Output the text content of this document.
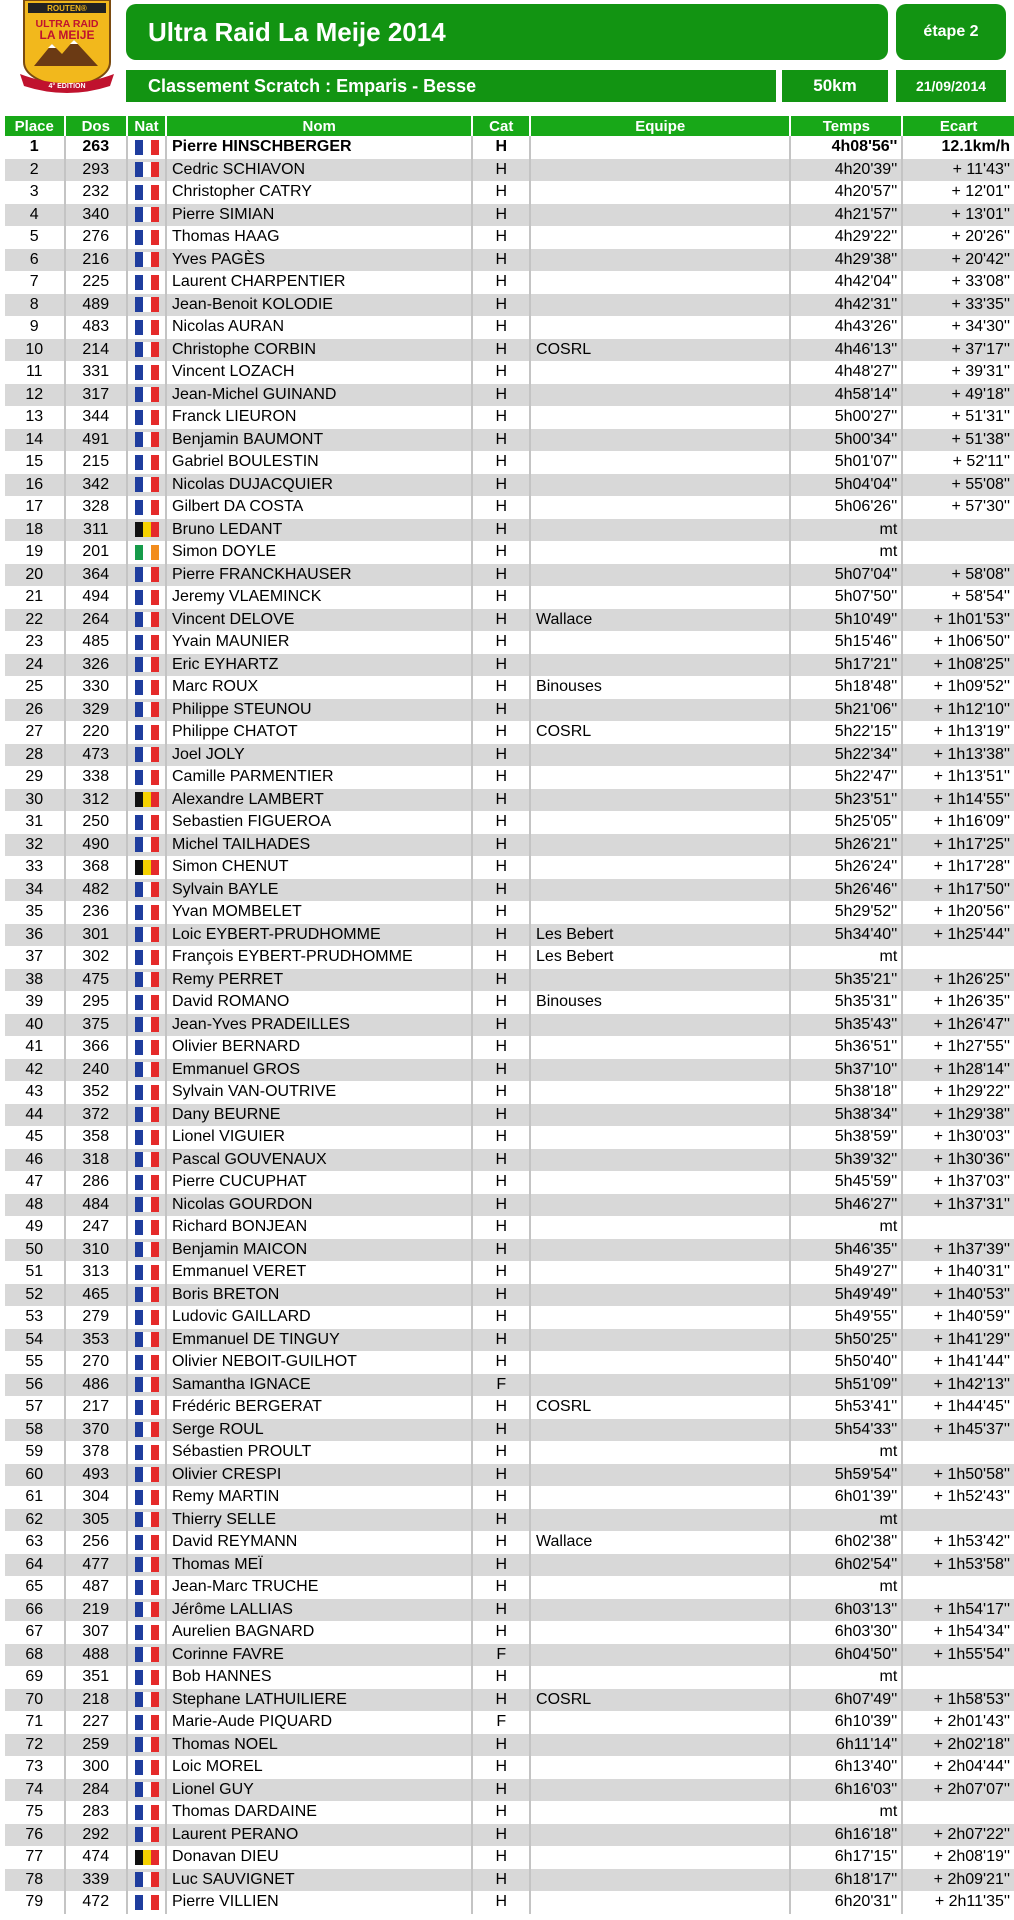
ROUTEN®
ULTRA RAID
LA MEIJE
4° EDITION
Ultra Raid La Meije 2014	étape 2
Classement Scratch : Emparis - Besse	50km	21/09/2014
Place	Dos	Nat	Nom	Cat	Equipe	Temps	Ecart
1	263		Pierre HINSCHBERGER	H		4h08'56''	12.1km/h
2	293		Cedric SCHIAVON	H		4h20'39''	+ 11'43''
3	232		Christopher CATRY	H		4h20'57''	+ 12'01''
4	340		Pierre SIMIAN	H		4h21'57''	+ 13'01''
5	276		Thomas HAAG	H		4h29'22''	+ 20'26''
6	216		Yves PAGÈS	H		4h29'38''	+ 20'42''
7	225		Laurent CHARPENTIER	H		4h42'04''	+ 33'08''
8	489		Jean-Benoit KOLODIE	H		4h42'31''	+ 33'35''
9	483		Nicolas AURAN	H		4h43'26''	+ 34'30''
10	214		Christophe CORBIN	H	COSRL	4h46'13''	+ 37'17''
11	331		Vincent LOZACH	H		4h48'27''	+ 39'31''
12	317		Jean-Michel GUINAND	H		4h58'14''	+ 49'18''
13	344		Franck LIEURON	H		5h00'27''	+ 51'31''
14	491		Benjamin BAUMONT	H		5h00'34''	+ 51'38''
15	215		Gabriel BOULESTIN	H		5h01'07''	+ 52'11''
16	342		Nicolas DUJACQUIER	H		5h04'04''	+ 55'08''
17	328		Gilbert DA COSTA	H		5h06'26''	+ 57'30''
18	311		Bruno LEDANT	H		mt	
19	201		Simon DOYLE	H		mt	
20	364		Pierre FRANCKHAUSER	H		5h07'04''	+ 58'08''
21	494		Jeremy VLAEMINCK	H		5h07'50''	+ 58'54''
22	264		Vincent DELOVE	H	Wallace	5h10'49''	+ 1h01'53''
23	485		Yvain MAUNIER	H		5h15'46''	+ 1h06'50''
24	326		Eric EYHARTZ	H		5h17'21''	+ 1h08'25''
25	330		Marc ROUX	H	Binouses	5h18'48''	+ 1h09'52''
26	329		Philippe STEUNOU	H		5h21'06''	+ 1h12'10''
27	220		Philippe CHATOT	H	COSRL	5h22'15''	+ 1h13'19''
28	473		Joel JOLY	H		5h22'34''	+ 1h13'38''
29	338		Camille PARMENTIER	H		5h22'47''	+ 1h13'51''
30	312		Alexandre LAMBERT	H		5h23'51''	+ 1h14'55''
31	250		Sebastien FIGUEROA	H		5h25'05''	+ 1h16'09''
32	490		Michel TAILHADES	H		5h26'21''	+ 1h17'25''
33	368		Simon CHENUT	H		5h26'24''	+ 1h17'28''
34	482		Sylvain BAYLE	H		5h26'46''	+ 1h17'50''
35	236		Yvan MOMBELET	H		5h29'52''	+ 1h20'56''
36	301		Loic EYBERT-PRUDHOMME	H	Les Bebert	5h34'40''	+ 1h25'44''
37	302		François EYBERT-PRUDHOMME	H	Les Bebert	mt	
38	475		Remy PERRET	H		5h35'21''	+ 1h26'25''
39	295		David ROMANO	H	Binouses	5h35'31''	+ 1h26'35''
40	375		Jean-Yves PRADEILLES	H		5h35'43''	+ 1h26'47''
41	366		Olivier BERNARD	H		5h36'51''	+ 1h27'55''
42	240		Emmanuel GROS	H		5h37'10''	+ 1h28'14''
43	352		Sylvain VAN-OUTRIVE	H		5h38'18''	+ 1h29'22''
44	372		Dany BEURNE	H		5h38'34''	+ 1h29'38''
45	358		Lionel VIGUIER	H		5h38'59''	+ 1h30'03''
46	318		Pascal GOUVENAUX	H		5h39'32''	+ 1h30'36''
47	286		Pierre CUCUPHAT	H		5h45'59''	+ 1h37'03''
48	484		Nicolas GOURDON	H		5h46'27''	+ 1h37'31''
49	247		Richard BONJEAN	H		mt	
50	310		Benjamin MAICON	H		5h46'35''	+ 1h37'39''
51	313		Emmanuel VERET	H		5h49'27''	+ 1h40'31''
52	465		Boris BRETON	H		5h49'49''	+ 1h40'53''
53	279		Ludovic GAILLARD	H		5h49'55''	+ 1h40'59''
54	353		Emmanuel DE TINGUY	H		5h50'25''	+ 1h41'29''
55	270		Olivier NEBOIT-GUILHOT	H		5h50'40''	+ 1h41'44''
56	486		Samantha IGNACE	F		5h51'09''	+ 1h42'13''
57	217		Frédéric BERGERAT	H	COSRL	5h53'41''	+ 1h44'45''
58	370		Serge ROUL	H		5h54'33''	+ 1h45'37''
59	378		Sébastien PROULT	H		mt	
60	493		Olivier CRESPI	H		5h59'54''	+ 1h50'58''
61	304		Remy MARTIN	H		6h01'39''	+ 1h52'43''
62	305		Thierry SELLE	H		mt	
63	256		David REYMANN	H	Wallace	6h02'38''	+ 1h53'42''
64	477		Thomas MEÏ	H		6h02'54''	+ 1h53'58''
65	487		Jean-Marc TRUCHE	H		mt	
66	219		Jérôme LALLIAS	H		6h03'13''	+ 1h54'17''
67	307		Aurelien BAGNARD	H		6h03'30''	+ 1h54'34''
68	488		Corinne FAVRE	F		6h04'50''	+ 1h55'54''
69	351		Bob HANNES	H		mt	
70	218		Stephane LATHUILIERE	H	COSRL	6h07'49''	+ 1h58'53''
71	227		Marie-Aude PIQUARD	F		6h10'39''	+ 2h01'43''
72	259		Thomas NOEL	H		6h11'14''	+ 2h02'18''
73	300		Loic MOREL	H		6h13'40''	+ 2h04'44''
74	284		Lionel GUY	H		6h16'03''	+ 2h07'07''
75	283		Thomas DARDAINE	H		mt	
76	292		Laurent PERANO	H		6h16'18''	+ 2h07'22''
77	474		Donavan DIEU	H		6h17'15''	+ 2h08'19''
78	339		Luc SAUVIGNET	H		6h18'17''	+ 2h09'21''
79	472		Pierre VILLIEN	H		6h20'31''	+ 2h11'35''
